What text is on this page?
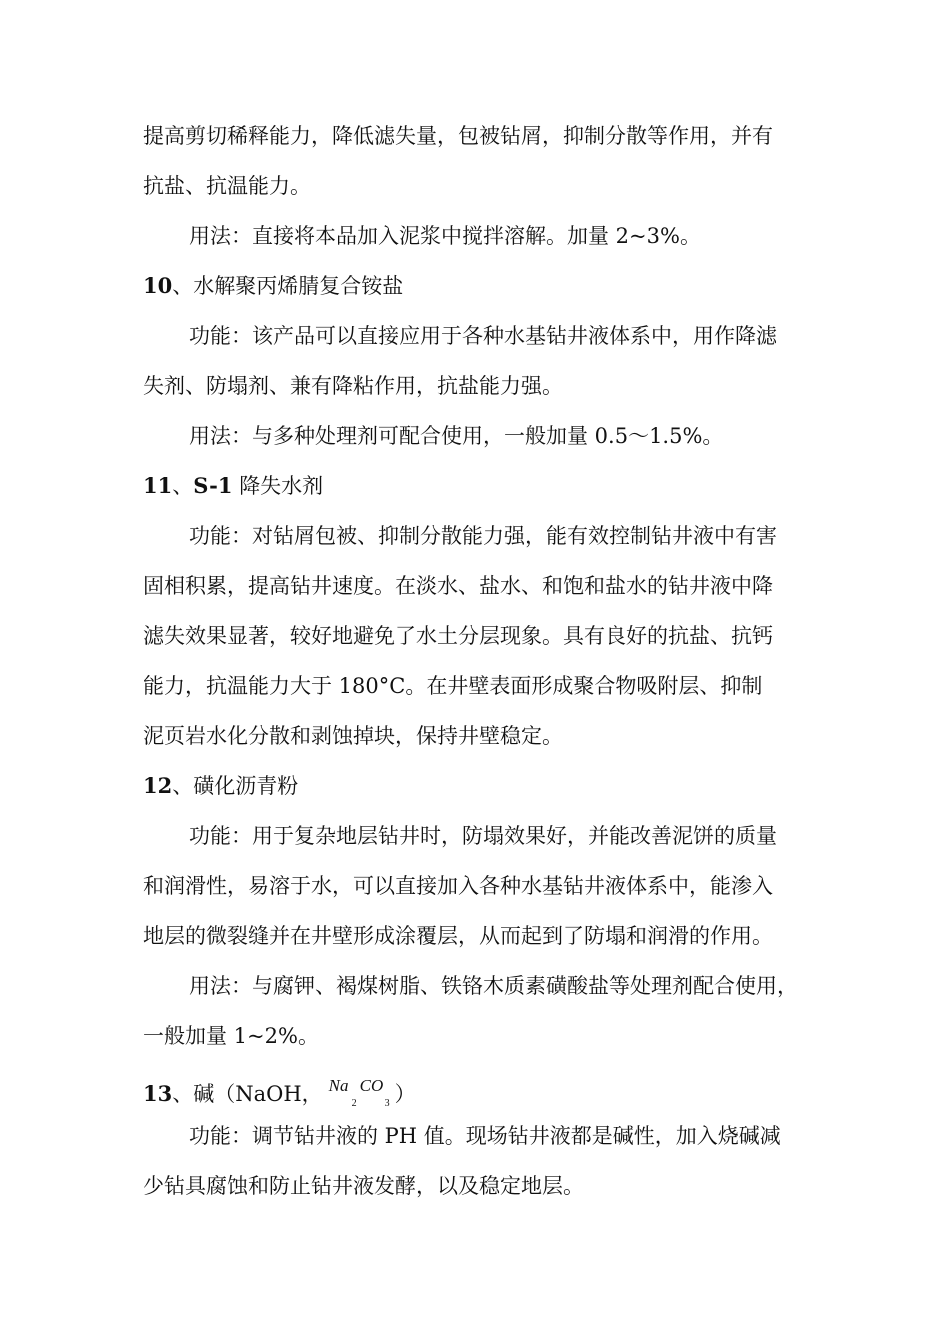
提高剪切稀释能力，降低滤失量，包被钻屑，抑制分散等作用，并有
抗盐、抗温能力。
用法：直接将本品加入泥浆中搅拌溶解。加量 2~3%。
10、水解聚丙烯腈复合铵盐
功能：该产品可以直接应用于各种水基钻井液体系中，用作降滤
失剂、防塌剂、兼有降粘作用，抗盐能力强。
用法：与多种处理剂可配合使用，一般加量 0.5～1.5%。
11、S-1 降失水剂
功能：对钻屑包被、抑制分散能力强，能有效控制钻井液中有害
固相积累，提高钻井速度。在淡水、盐水、和饱和盐水的钻井液中降
滤失效果显著，较好地避免了水土分层现象。具有良好的抗盐、抗钙
能力，抗温能力大于 180°C。在井壁表面形成聚合物吸附层、抑制
泥页岩水化分散和剥蚀掉块，保持井壁稳定。
12、磺化沥青粉
功能：用于复杂地层钻井时，防塌效果好，并能改善泥饼的质量
和润滑性，易溶于水，可以直接加入各种水基钻井液体系中，能渗入
地层的微裂缝并在井壁形成涂覆层，从而起到了防塌和润滑的作用。
用法：与腐钾、褐煤树脂、铁铬木质素磺酸盐等处理剂配合使用，
一般加量 1~2%。
13、碱（NaOH， Na
2
CO
3 ）
功能：调节钻井液的 PH 值。现场钻井液都是碱性，加入烧碱减
少钻具腐蚀和防止钻井液发酵，以及稳定地层。
